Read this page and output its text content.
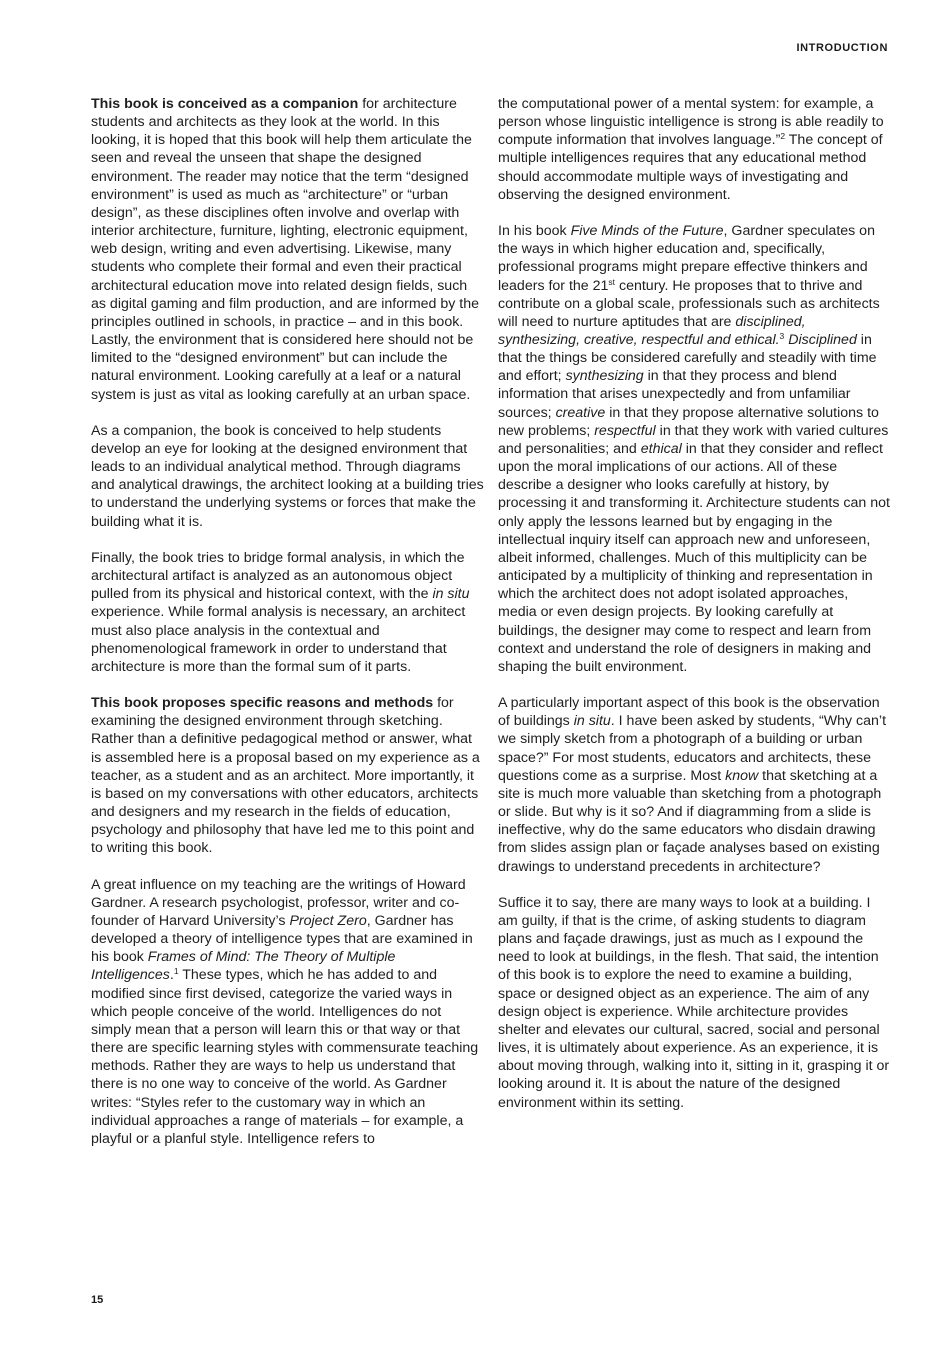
INTRODUCTION

This book is conceived as a companion for architecture students and architects as they look at the world. In this looking, it is hoped that this book will help them articulate the seen and reveal the unseen that shape the designed environment. The reader may notice that the term “designed environment” is used as much as “architecture” or “urban design”, as these disciplines often involve and overlap with interior architecture, furniture, lighting, electronic equipment, web design, writing and even advertising. Likewise, many students who complete their formal and even their practical architectural education move into related design fields, such as digital gaming and film production, and are informed by the principles outlined in schools, in practice – and in this book. Lastly, the environment that is considered here should not be limited to the “designed environment” but can include the natural environment. Looking carefully at a leaf or a natural system is just as vital as looking carefully at an urban space.

As a companion, the book is conceived to help students develop an eye for looking at the designed environment that leads to an individual analytical method. Through diagrams and analytical drawings, the architect looking at a building tries to understand the underlying systems or forces that make the building what it is.

Finally, the book tries to bridge formal analysis, in which the architectural artifact is analyzed as an autonomous object pulled from its physical and historical context, with the in situ experience. While formal analysis is necessary, an architect must also place analysis in the contextual and phenomenological framework in order to understand that architecture is more than the formal sum of it parts.

This book proposes specific reasons and methods for examining the designed environment through sketching. Rather than a definitive pedagogical method or answer, what is assembled here is a proposal based on my experience as a teacher, as a student and as an architect. More importantly, it is based on my conversations with other educators, architects and designers and my research in the fields of education, psychology and philosophy that have led me to this point and to writing this book.

A great influence on my teaching are the writings of Howard Gardner. A research psychologist, professor, writer and co-founder of Harvard University’s Project Zero, Gardner has developed a theory of intelligence types that are examined in his book Frames of Mind: The Theory of Multiple Intelligences.$^1$ These types, which he has added to and modified since first devised, categorize the varied ways in which people conceive of the world. Intelligences do not simply mean that a person will learn this or that way or that there are specific learning styles with commensurate teaching methods. Rather they are ways to help us understand that there is no one way to conceive of the world. As Gardner writes: “Styles refer to the customary way in which an individual approaches a range of materials – for example, a playful or a planful style. Intelligence refers to

the computational power of a mental system: for example, a person whose linguistic intelligence is strong is able readily to compute information that involves language.”$^2$ The concept of multiple intelligences requires that any educational method should accommodate multiple ways of investigating and observing the designed environment.

In his book Five Minds of the Future, Gardner speculates on the ways in which higher education and, specifically, professional programs might prepare effective thinkers and leaders for the 21st century. He proposes that to thrive and contribute on a global scale, professionals such as architects will need to nurture aptitudes that are disciplined, synthesizing, creative, respectful and ethical.$^3$ Disciplined in that the things be considered carefully and steadily with time and effort; synthesizing in that they process and blend information that arises unexpectedly and from unfamiliar sources; creative in that they propose alternative solutions to new problems; respectful in that they work with varied cultures and personalities; and ethical in that they consider and reflect upon the moral implications of our actions. All of these describe a designer who looks carefully at history, by processing it and transforming it. Architecture students can not only apply the lessons learned but by engaging in the intellectual inquiry itself can approach new and unforeseen, albeit informed, challenges. Much of this multiplicity can be anticipated by a multiplicity of thinking and representation in which the architect does not adopt isolated approaches, media or even design projects. By looking carefully at buildings, the designer may come to respect and learn from context and understand the role of designers in making and shaping the built environment.

A particularly important aspect of this book is the observation of buildings in situ. I have been asked by students, “Why can’t we simply sketch from a photograph of a building or urban space?” For most students, educators and architects, these questions come as a surprise. Most know that sketching at a site is much more valuable than sketching from a photograph or slide. But why is it so? And if diagramming from a slide is ineffective, why do the same educators who disdain drawing from slides assign plan or façade analyses based on existing drawings to understand precedents in architecture?

Suffice it to say, there are many ways to look at a building. I am guilty, if that is the crime, of asking students to diagram plans and façade drawings, just as much as I expound the need to look at buildings, in the flesh. That said, the intention of this book is to explore the need to examine a building, space or designed object as an experience. The aim of any design object is experience. While architecture provides shelter and elevates our cultural, sacred, social and personal lives, it is ultimately about experience. As an experience, it is about moving through, walking into it, sitting in it, grasping it or looking around it. It is about the nature of the designed environment within its setting.

15
